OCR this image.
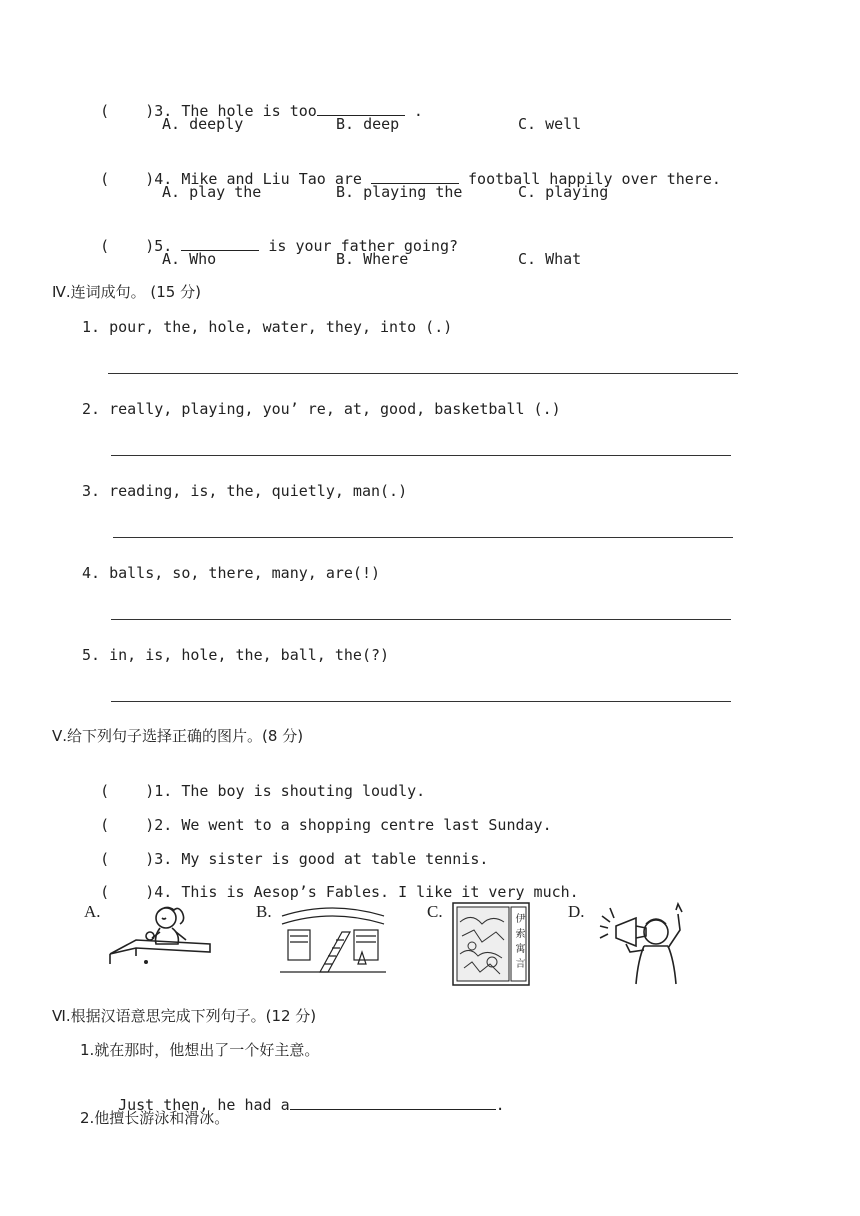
(    )3. The hole is too	.

A. deeply	B. deep	C. well

(    )4. Mike and Liu Tao are	football happily over there.

A. play the	B. playing the	C. playing

(    )5.	is your father going?

A. Who	B. Where	C. What
Ⅳ.连词成句。 (15 分)
1. pour, the, hole, water, they, into (.)
2. really, playing, you’ re, at, good, basketball (.)
3. reading, is, the, quietly, man(.)
4. balls, so, there, many, are(!)
5. in, is, hole, the, ball, the(?)
Ⅴ.给下列句子选择正确的图片。(8 分)

(    )1. The boy is shouting loudly.

(    )2. We went to a shopping centre last Sunday.

(    )3. My sister is good at table tennis.

(    )4. This is Aesop’s Fables. I like it very much.

A.	B.	C.	伊索寓言
D.
Ⅵ.根据汉语意思完成下列句子。(12 分)
1.就在那时，他想出了一个好主意。

Just then, he had a	.

2.他擅长游泳和滑冰。
